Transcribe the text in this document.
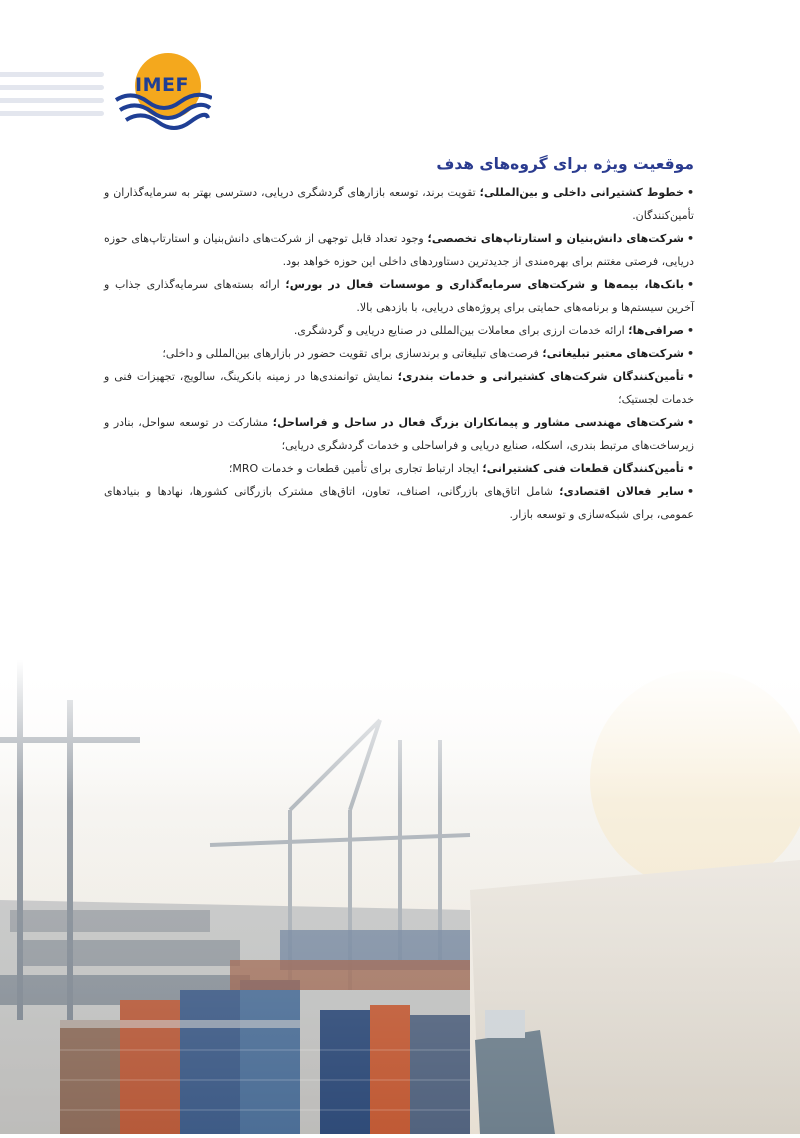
IMEF
موقعیت ویژه برای گروه‌های هدف

•خطوط کشتیرانی داخلی و بین‌المللی؛ تقویت برند، توسعه بازارهای گردشگری دریایی، دسترسی بهتر به سرمایه‌گذاران و تأمین‌کنندگان.

•شرکت‌های دانش‌بنیان و استارتاپ‌های تخصصی؛ وجود تعداد قابل توجهی از شرکت‌های دانش‌بنیان و استارتاپ‌های حوزه دریایی، فرصتی مغتنم برای بهره‌مندی از جدیدترین دستاوردهای داخلی این حوزه خواهد بود.

•بانک‌ها، بیمه‌ها و شرکت‌های سرمایه‌گذاری و موسسات فعال در بورس؛ ارائه بسته‌های سرمایه‌گذاری جذاب و آخرین سیستم‌ها و برنامه‌های حمایتی برای پروژه‌های دریایی، با بازدهی بالا.

•صرافی‌ها؛ ارائه خدمات ارزی برای معاملات بین‌المللی در صنایع دریایی و گردشگری.

•شرکت‌های معتبر تبلیغاتی؛ فرصت‌های تبلیغاتی و برندسازی برای تقویت حضور در بازارهای بین‌المللی و داخلی؛

•تأمین‌کنندگان شرکت‌های کشتیرانی و خدمات بندری؛ نمایش توانمندی‌ها در زمینه بانکرینگ، سالویج، تجهیزات فنی و خدمات لجستیک؛

•شرکت‌های مهندسی مشاور و پیمانکاران بزرگ فعال در ساحل و فراساحل؛ مشارکت در توسعه سواحل، بنادر و زیرساخت‌های مرتبط بندری، اسکله، صنایع دریایی و فراساحلی و خدمات گردشگری دریایی؛

•تأمین‌کنندگان قطعات فنی کشتیرانی؛ ایجاد ارتباط تجاری برای تأمین قطعات و خدمات MRO؛

•سایر فعالان اقتصادی؛ شامل اتاق‌های بازرگانی، اصناف، تعاون، اتاق‌های مشترک بازرگانی کشورها، نهادها و بنیادهای عمومی، برای شبکه‌سازی و توسعه بازار.
